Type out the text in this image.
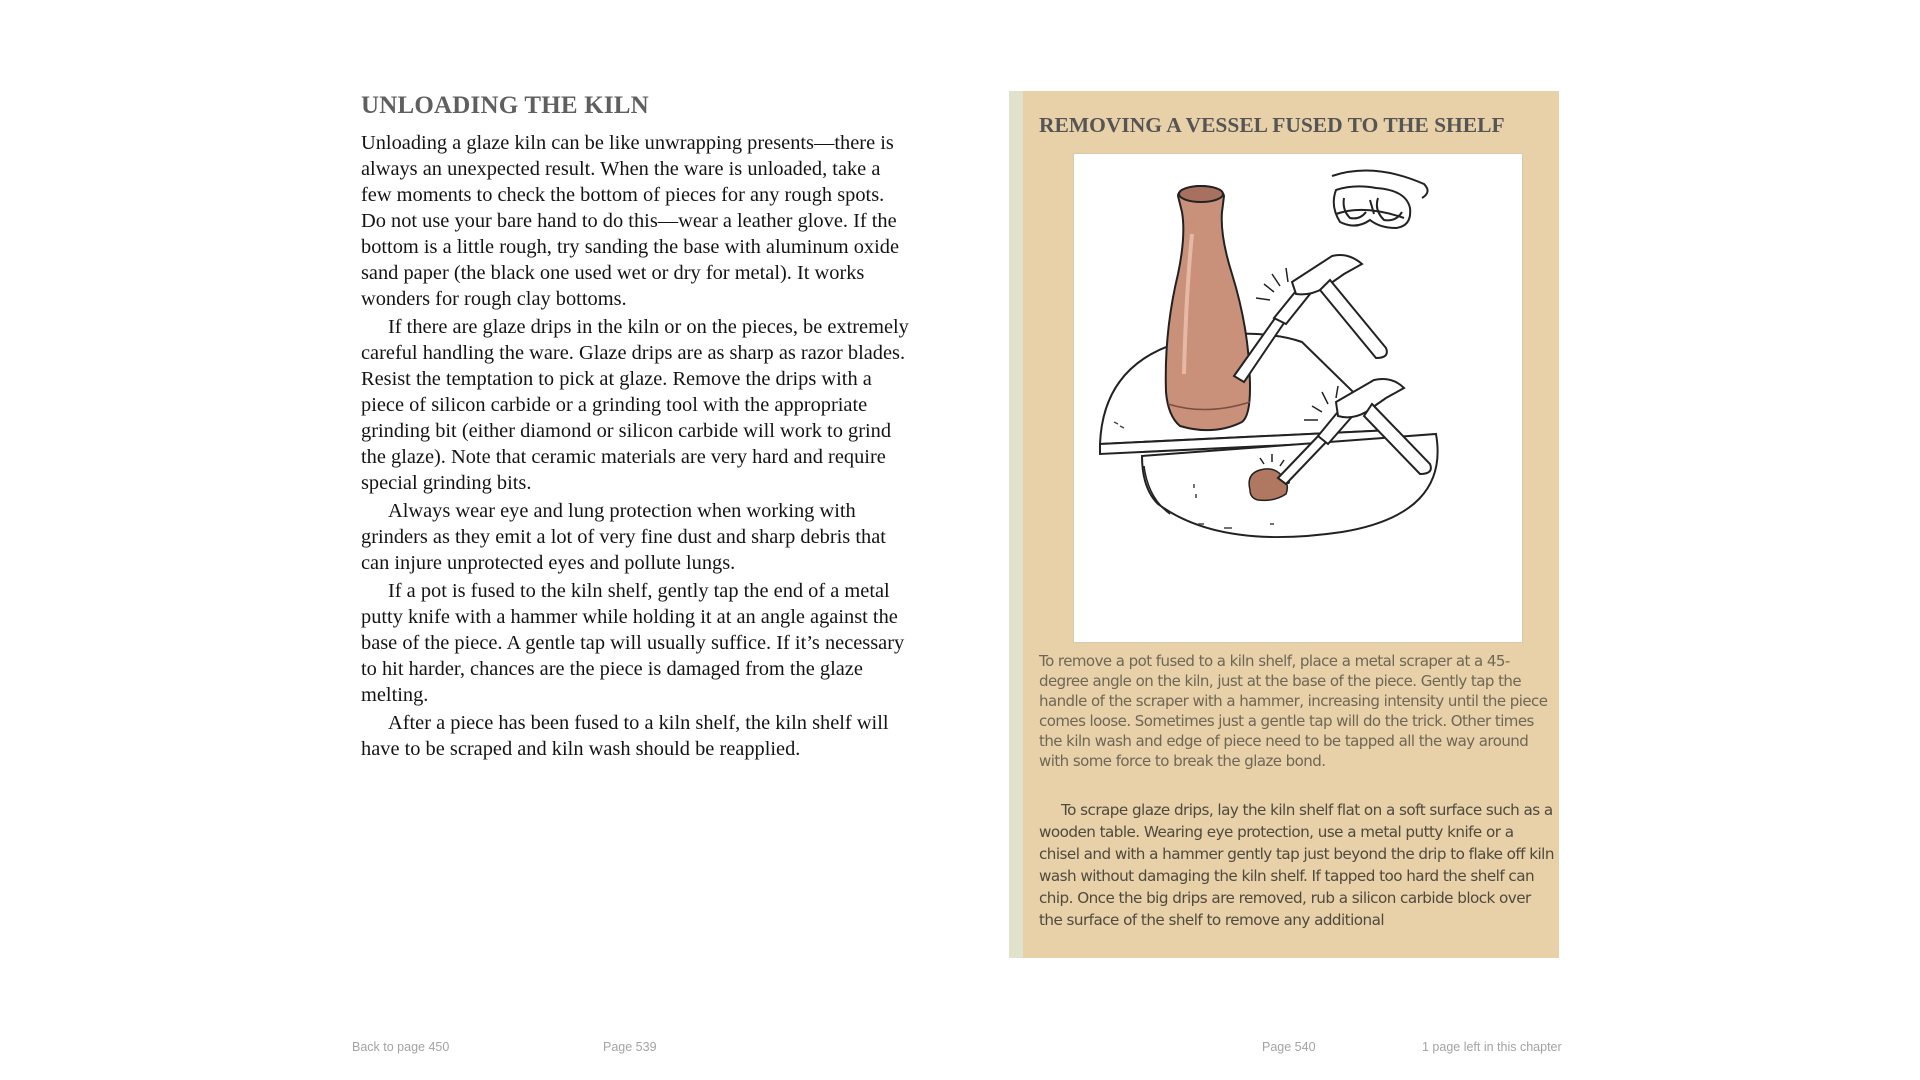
UNLOADING THE KILN

Unloading a glaze kiln can be like unwrapping presents—there is always an unexpected result. When the ware is unloaded, take a few moments to check the bottom of pieces for any rough spots. Do not use your bare hand to do this—wear a leather glove. If the bottom is a little rough, try sanding the base with aluminum oxide sand paper (the black one used wet or dry for metal). It works wonders for rough clay bottoms.

If there are glaze drips in the kiln or on the pieces, be extremely careful handling the ware. Glaze drips are as sharp as razor blades. Resist the temptation to pick at glaze. Remove the drips with a piece of silicon carbide or a grinding tool with the appropriate grinding bit (either diamond or silicon carbide will work to grind the glaze). Note that ceramic materials are very hard and require special grinding bits.

Always wear eye and lung protection when working with grinders as they emit a lot of very fine dust and sharp debris that can injure unprotected eyes and pollute lungs.

If a pot is fused to the kiln shelf, gently tap the end of a metal putty knife with a hammer while holding it at an angle against the base of the piece. A gentle tap will usually suffice. If it’s necessary to hit harder, chances are the piece is damaged from the glaze melting.

After a piece has been fused to a kiln shelf, the kiln shelf will have to be scraped and kiln wash should be reapplied.

REMOVING A VESSEL FUSED TO THE SHELF

To remove a pot fused to a kiln shelf, place a metal scraper at a 45-degree angle on the kiln, just at the base of the piece. Gently tap the handle of the scraper with a hammer, increasing intensity until the piece comes loose. Sometimes just a gentle tap will do the trick. Other times the kiln wash and edge of piece need to be tapped all the way around with some force to break the glaze bond.

To scrape glaze drips, lay the kiln shelf flat on a soft surface such as a wooden table. Wearing eye protection, use a metal putty knife or a chisel and with a hammer gently tap just beyond the drip to flake off kiln wash without damaging the kiln shelf. If tapped too hard the shelf can chip. Once the big drips are removed, rub a silicon carbide block over the surface of the shelf to remove any additional

Back to page 450	Page 539	Page 540	1 page left in this chapter
